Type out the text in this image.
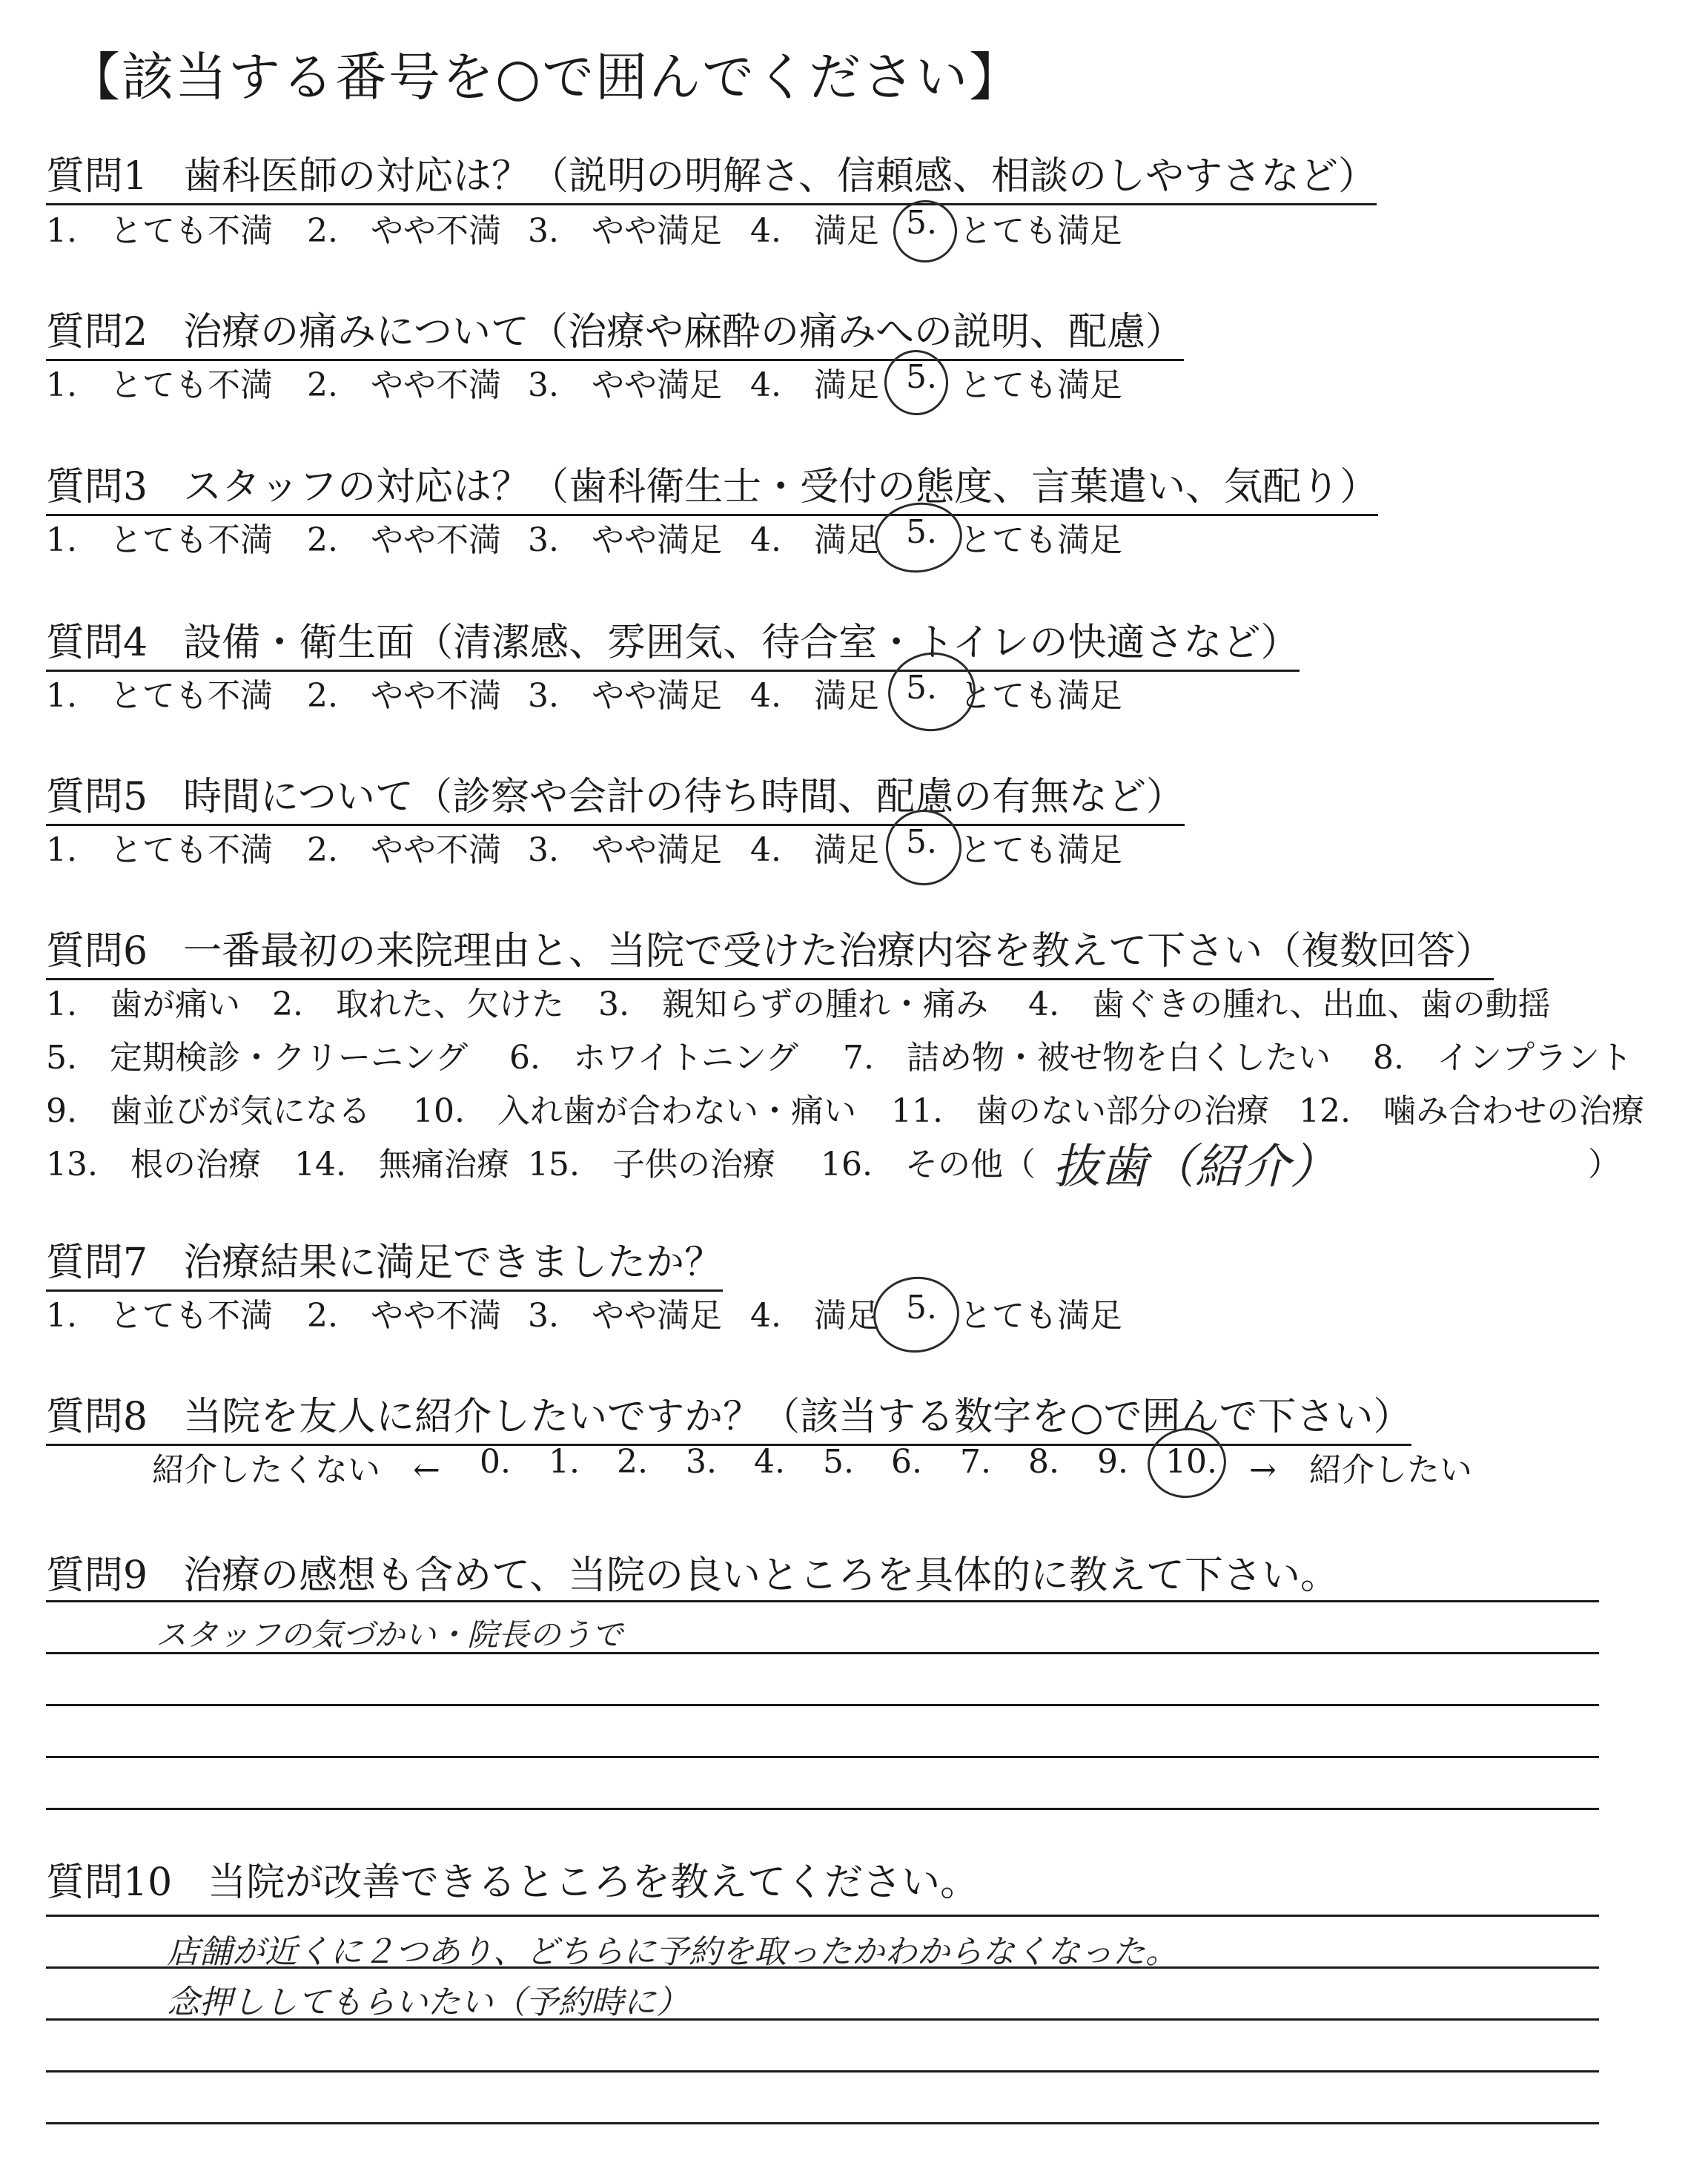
【該当する番号を○で囲んでください】
質問1 歯科医師の対応は？（説明の明解さ、信頼感、相談のしやすさなど）
1.　とても不満 2.　やや不満 3.　やや満足 4.　満足 5. とても満足
質問2 治療の痛みについて（治療や麻酔の痛みへの説明、配慮）
1.　とても不満 2.　やや不満 3.　やや満足 4.　満足 5. とても満足
質問3 スタッフの対応は？（歯科衛生士・受付の態度、言葉遣い、気配り）
1.　とても不満 2.　やや不満 3.　やや満足 4.　満足 5. とても満足
質問4 設備・衛生面（清潔感、雰囲気、待合室・トイレの快適さなど）
1.　とても不満 2.　やや不満 3.　やや満足 4.　満足 5. とても満足
質問5 時間について（診察や会計の待ち時間、配慮の有無など）
1.　とても不満 2.　やや不満 3.　やや満足 4.　満足 5. とても満足
質問6 一番最初の来院理由と、当院で受けた治療内容を教えて下さい（複数回答）
1.　歯が痛い 2.　取れた、欠けた 3.　親知らずの腫れ・痛み 4.　歯ぐきの腫れ、出血、歯の動揺
5.　定期検診・クリーニング 6.　ホワイトニング 7.　詰め物・被せ物を白くしたい 8.　インプラント
9.　歯並びが気になる 10.　入れ歯が合わない・痛い 11.　歯のない部分の治療 12.　噛み合わせの治療
13.　根の治療 14.　無痛治療 15.　子供の治療 16.　その他（	）
抜歯（紹介）
質問7 治療結果に満足できましたか？
1.　とても不満 2.　やや不満 3.　やや満足 4.　満足 5. とても満足
質問8 当院を友人に紹介したいですか？（該当する数字を○で囲んで下さい）
紹介したくない　← 0. 1. 2. 3. 4. 5. 6. 7. 8. 9. 10. →　紹介したい
質問9 治療の感想も含めて、当院の良いところを具体的に教えて下さい。
スタッフの気づかい・院長のうで
質問10 当院が改善できるところを教えてください。
店舗が近くに２つあり、どちらに予約を取ったかわからなくなった。
念押ししてもらいたい（予約時に）
